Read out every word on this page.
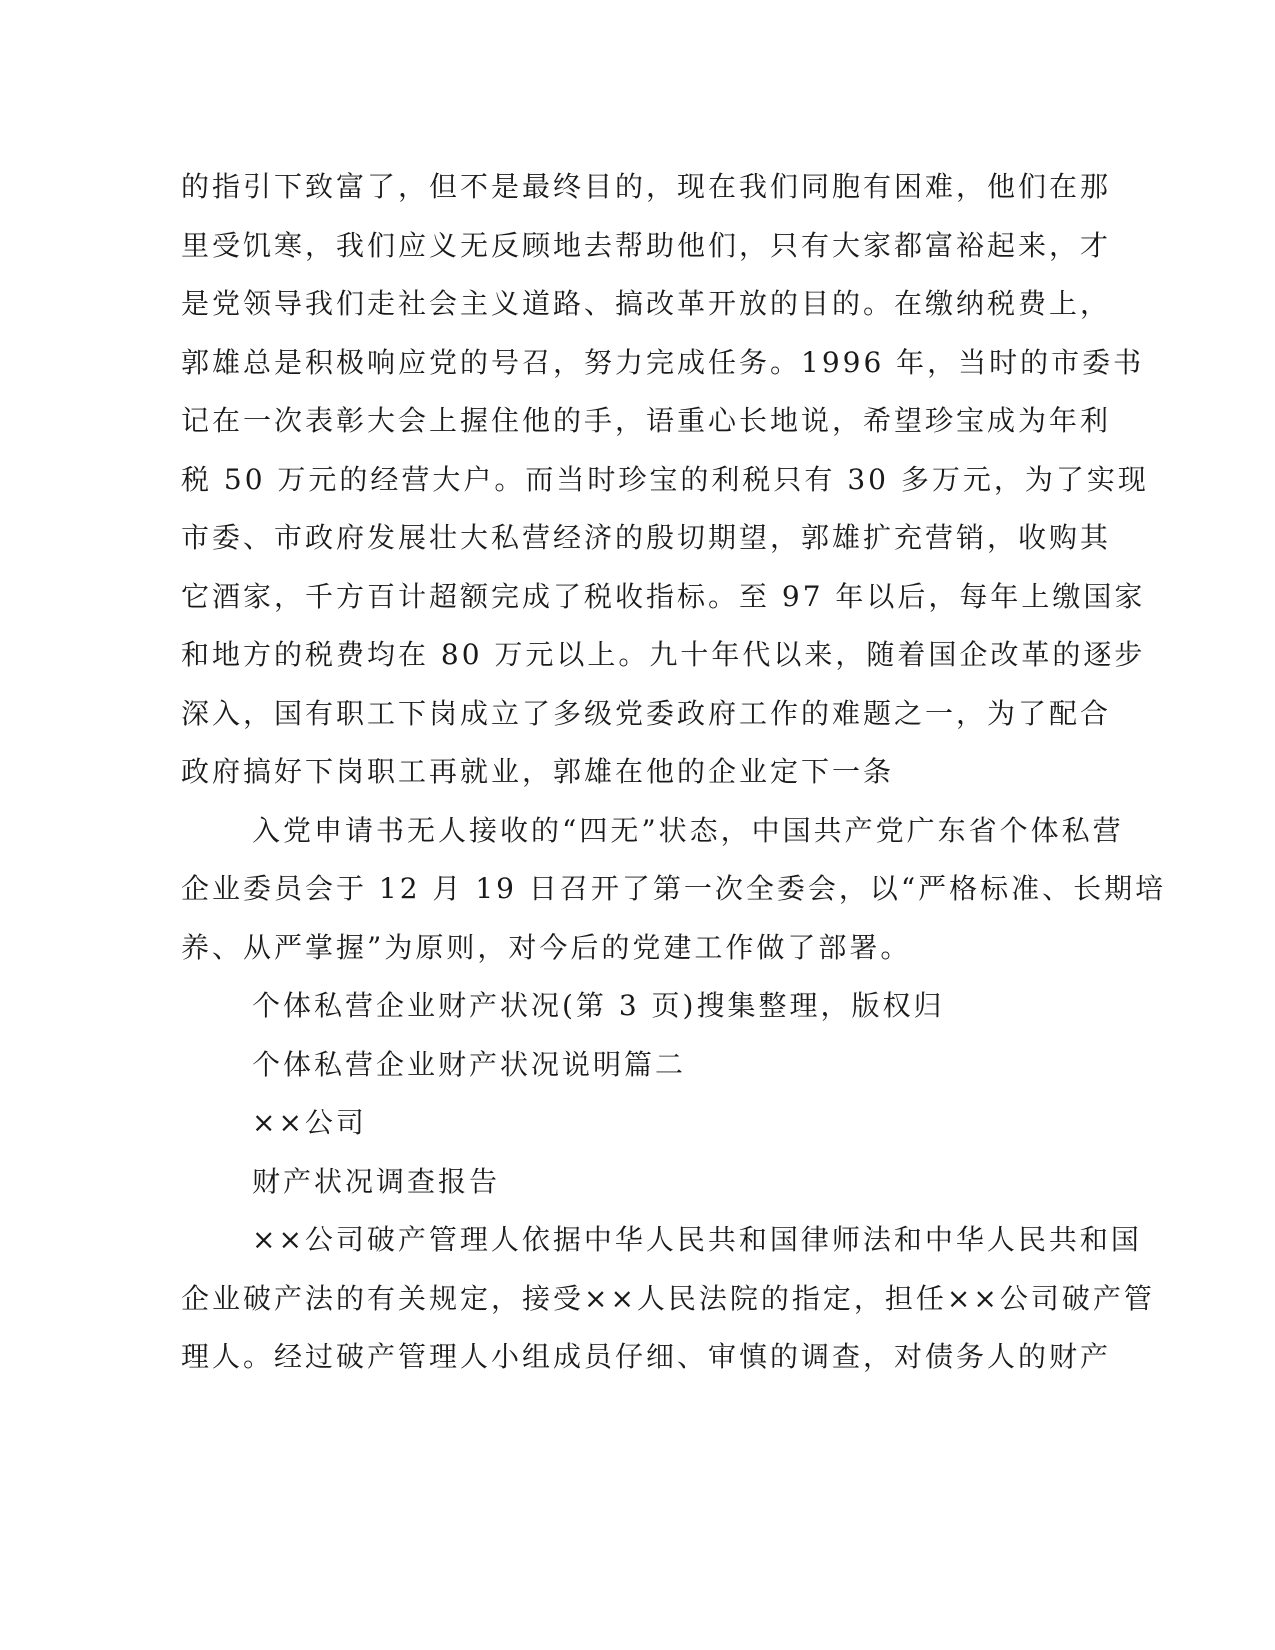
的指引下致富了，但不是最终目的，现在我们同胞有困难，他们在那
里受饥寒，我们应义无反顾地去帮助他们，只有大家都富裕起来，才
是党领导我们走社会主义道路、搞改革开放的目的。在缴纳税费上，
郭雄总是积极响应党的号召，努力完成任务。1996 年，当时的市委书
记在一次表彰大会上握住他的手，语重心长地说，希望珍宝成为年利
税 50 万元的经营大户。而当时珍宝的利税只有 30 多万元，为了实现
市委、市政府发展壮大私营经济的殷切期望，郭雄扩充营销，收购其
它酒家，千方百计超额完成了税收指标。至 97 年以后，每年上缴国家
和地方的税费均在 80 万元以上。九十年代以来，随着国企改革的逐步
深入，国有职工下岗成立了多级党委政府工作的难题之一，为了配合
政府搞好下岗职工再就业，郭雄在他的企业定下一条
入党申请书无人接收的“四无”状态，中国共产党广东省个体私营
企业委员会于 12 月 19 日召开了第一次全委会，以“严格标准、长期培
养、从严掌握”为原则，对今后的党建工作做了部署。
个体私营企业财产状况(第 3 页)搜集整理，版权归
个体私营企业财产状况说明篇二
××公司
财产状况调查报告
××公司破产管理人依据中华人民共和国律师法和中华人民共和国
企业破产法的有关规定，接受××人民法院的指定，担任××公司破产管
理人。经过破产管理人小组成员仔细、审慎的调查，对债务人的财产
